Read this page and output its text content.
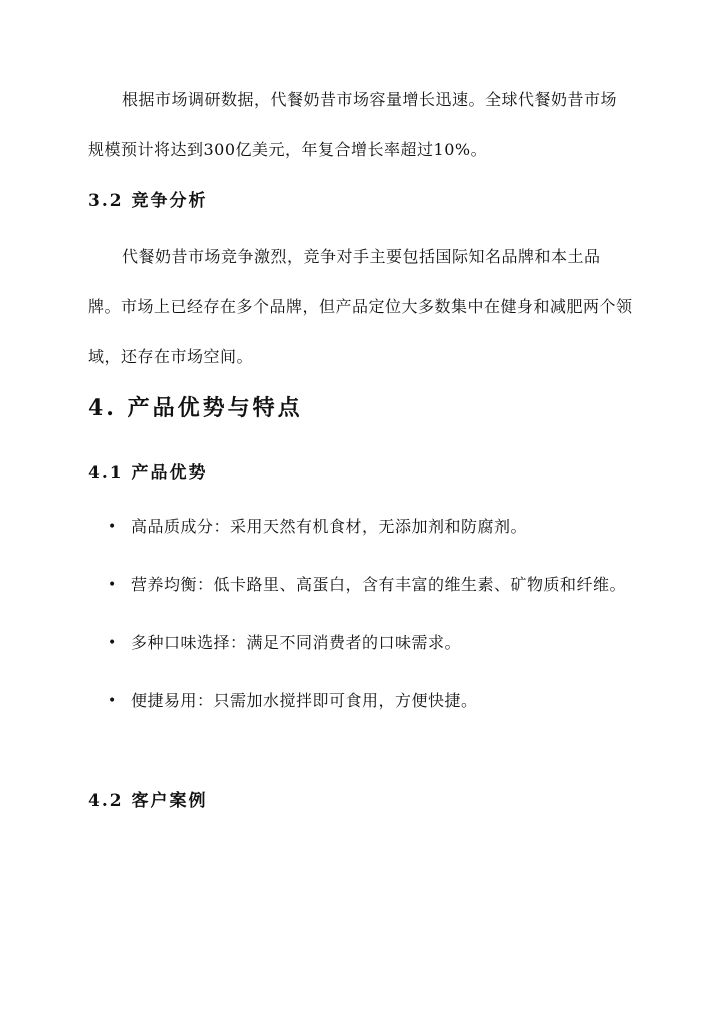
根据市场调研数据，代餐奶昔市场容量增长迅速。全球代餐奶昔市场规模预计将达到300亿美元，年复合增长率超过10%。

3.2 竞争分析

代餐奶昔市场竞争激烈，竞争对手主要包括国际知名品牌和本土品牌。市场上已经存在多个品牌，但产品定位大多数集中在健身和减肥两个领域，还存在市场空间。

4. 产品优势与特点
4.1 产品优势
• 高品质成分：采用天然有机食材，无添加剂和防腐剂。
• 营养均衡：低卡路里、高蛋白，含有丰富的维生素、矿物质和纤维。
• 多种口味选择：满足不同消费者的口味需求。
• 便捷易用：只需加水搅拌即可食用，方便快捷。
4.2 客户案例
